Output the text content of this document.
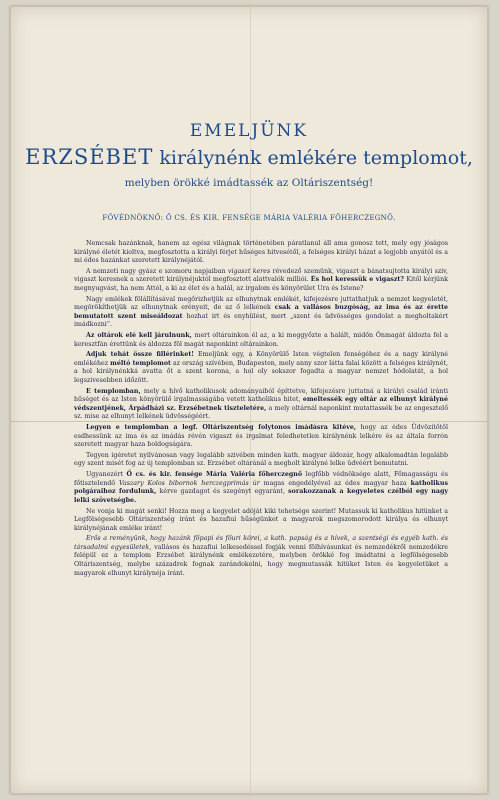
EMELJÜNK
ERZSÉBET királynénk emlékére templomot,
melyben örökké imádtassék az Oltáriszentség!
FŐVÉDNÖKNŐ: Ő CS. ÉS KIR. FENSÉGE MÁRIA VALÉRIA FŐHERCZEGNŐ.

Nemcsak hazánknak, hanem az egész világnak történetében páratlanul áll ama gonosz tett, mely egy jóságos királyné életét kioltva, megfosztotta a királyi férjet hűséges hitvesétől, a felséges királyi házat a legjobb anyától és a mi édes hazánkat szeretett királynéjától.

A nemzeti nagy gyász e szomoru napjaiban vigaszt keres révedező szemünk, vigaszt a bánatsujtotta királyi sziv, vigaszt keresnek a szeretett királynéjuktól megfosztott alattvalók milliói. És hol keressük e vigaszt? Kitől kérjünk megnyugvást, ha nem Attól, a ki az élet és a halál, az irgalom és könyörület Ura és Istene?

Nagy emlékek fölállításával megőrizhetjük az elhunytnak emlékét, kifejezésre juttathatjuk a nemzet kegyeletét, megörökíthetjük az elhunytnak erényeit, de az ő lelkének csak a vallásos buzgóság, az ima és az érette bemutatott szent miseáldozat hozhat irt és enyhülést, mert „szent és üdvösséges gondolat a megholtakért imádkozni“.

Az oltárok elé kell járulnunk, mert oltárainkon él az, a ki meggyőzte a halált, midőn Önmagát áldozta fel a keresztfán érettünk és áldozza föl magát naponkint oltárainkon.

Adjuk tehát össze fillérinket! Emeljünk egy, a Könyörülő Isten végtelen fenségéhez és a nagy királyné emlékéhez méltó templomot az ország szívében, Budapesten, mely anny szor látta falai között a felséges királynét, a hol királynénkká avatta őt a szent korona, a hol oly sokszor fogadta a magyar nemzet hódolatát, a hol legszivesebben időzött.

E templomban, mely a hívő katholikusok adományaiból építtetve, kifejezésre juttatná a királyi család iránti hűséget és az Isten könyörülő irgalmasságába vetett katholikus hitet, emeltessék egy oltár az elhunyt királyné védszentjének, Árpádházi sz. Erzsébetnek tiszteletére, a mely oltárnál naponkint mutattassék be az engesztelő sz. mise az elhunyt lelkének üdvösségéért.

Legyen e templomban a legf. Oltáriszentség folytonos imádásra kitéve, hogy az édes Üdvözítőtől esdhessünk az ima és az imádás révén vigaszt és irgalmat feledhetetlen királynénk lelkére és az általa forrón szeretett magyar haza boldogságára.

Tegyen igéretet nyilvánosan vagy legalább szivében minden kath. magyar áldozár, hogy alkalomadtán legalább egy szent misét fog az új templomban sz. Erzsébet oltáránál a megholt királyné lelke üdvéért bemutatni.

Ugyanezért Ő cs. és kir. fensége Mária Valéria főherczegnő legfőbb védnöksége alatt, Főmagasságu és főtisztelendő Vaszary Kolos bibornok herczegprimás úr magas engedélyével az édes magyar haza katholikus polgáraihoz fordulunk, kérve gazdagot és szegényt egyaránt, sorakozzanak a kegyeletes czélból egy nagy lelki szövetségbe.

Ne vonja ki magát senki! Hozza meg a kegyelet adóját kiki tehetsége szerint! Mutassuk ki katholikus hitünket a Legfölségesebb Oltáriszentség iránt és hazafiui hűségünket a magyarok megszomorodott királya és elhunyt királynéjának emléke iránt!

Erős a reményünk, hogy hazánk főpapi és főuri körei, a kath. papság és a hívek, a szentségi és egyéb kath. és társadalmi egyesületek, vallásos és hazafiui lelkesedéssel fogják venni fölhívásunkat és nemzedékről nemzedékre felépül ez a templom Erzsébet királynénk emlékezetére, melyben örökké fog imádtatni a legfölségesebb Oltáriszentség, melybe századrek fognak zarándokolni, hogy megmutassák hitüket Isten és kegyeletüket a magyarok elhunyt királynéja iránt.
